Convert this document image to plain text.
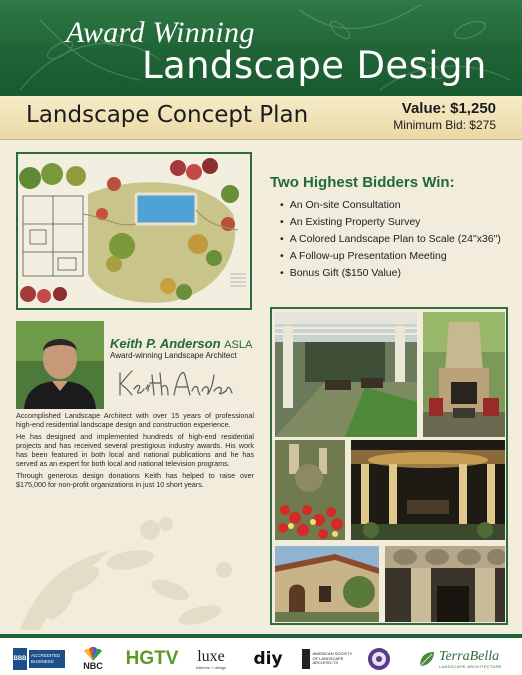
Award Winning
Landscape Design
Landscape Concept Plan	Value: $1,250
Minimum Bid: $275
Two Highest Bidders Win:
• An On-site Consultation
• An Existing Property Survey
• A Colored Landscape Plan to Scale (24"x36")
• A Follow-up Presentation Meeting
• Bonus Gift ($150 Value)
Keith P. Anderson ASLA
Award-winning Landscape Architect

Accomplished Landscape Architect with over 15 years of professional high-end residential landscape design and construction experience.

He has designed and implemented hundreds of high-end residential projects and has received several prestigious industry awards. His work has been featured in both local and national publications and he has served as an expert for both local and national television programs.

Through generous design donations Keith has helped to raise over $175,000 for non-profit organizations in just 10 short years.

BBB
ACCREDITED BUSINESS	NBC HGTV luxe
interiors + design diy	AMERICAN SOCIETY OF LANDSCAPE ARCHITECTS	TerraBella
LANDSCAPE ARCHITECTURE
